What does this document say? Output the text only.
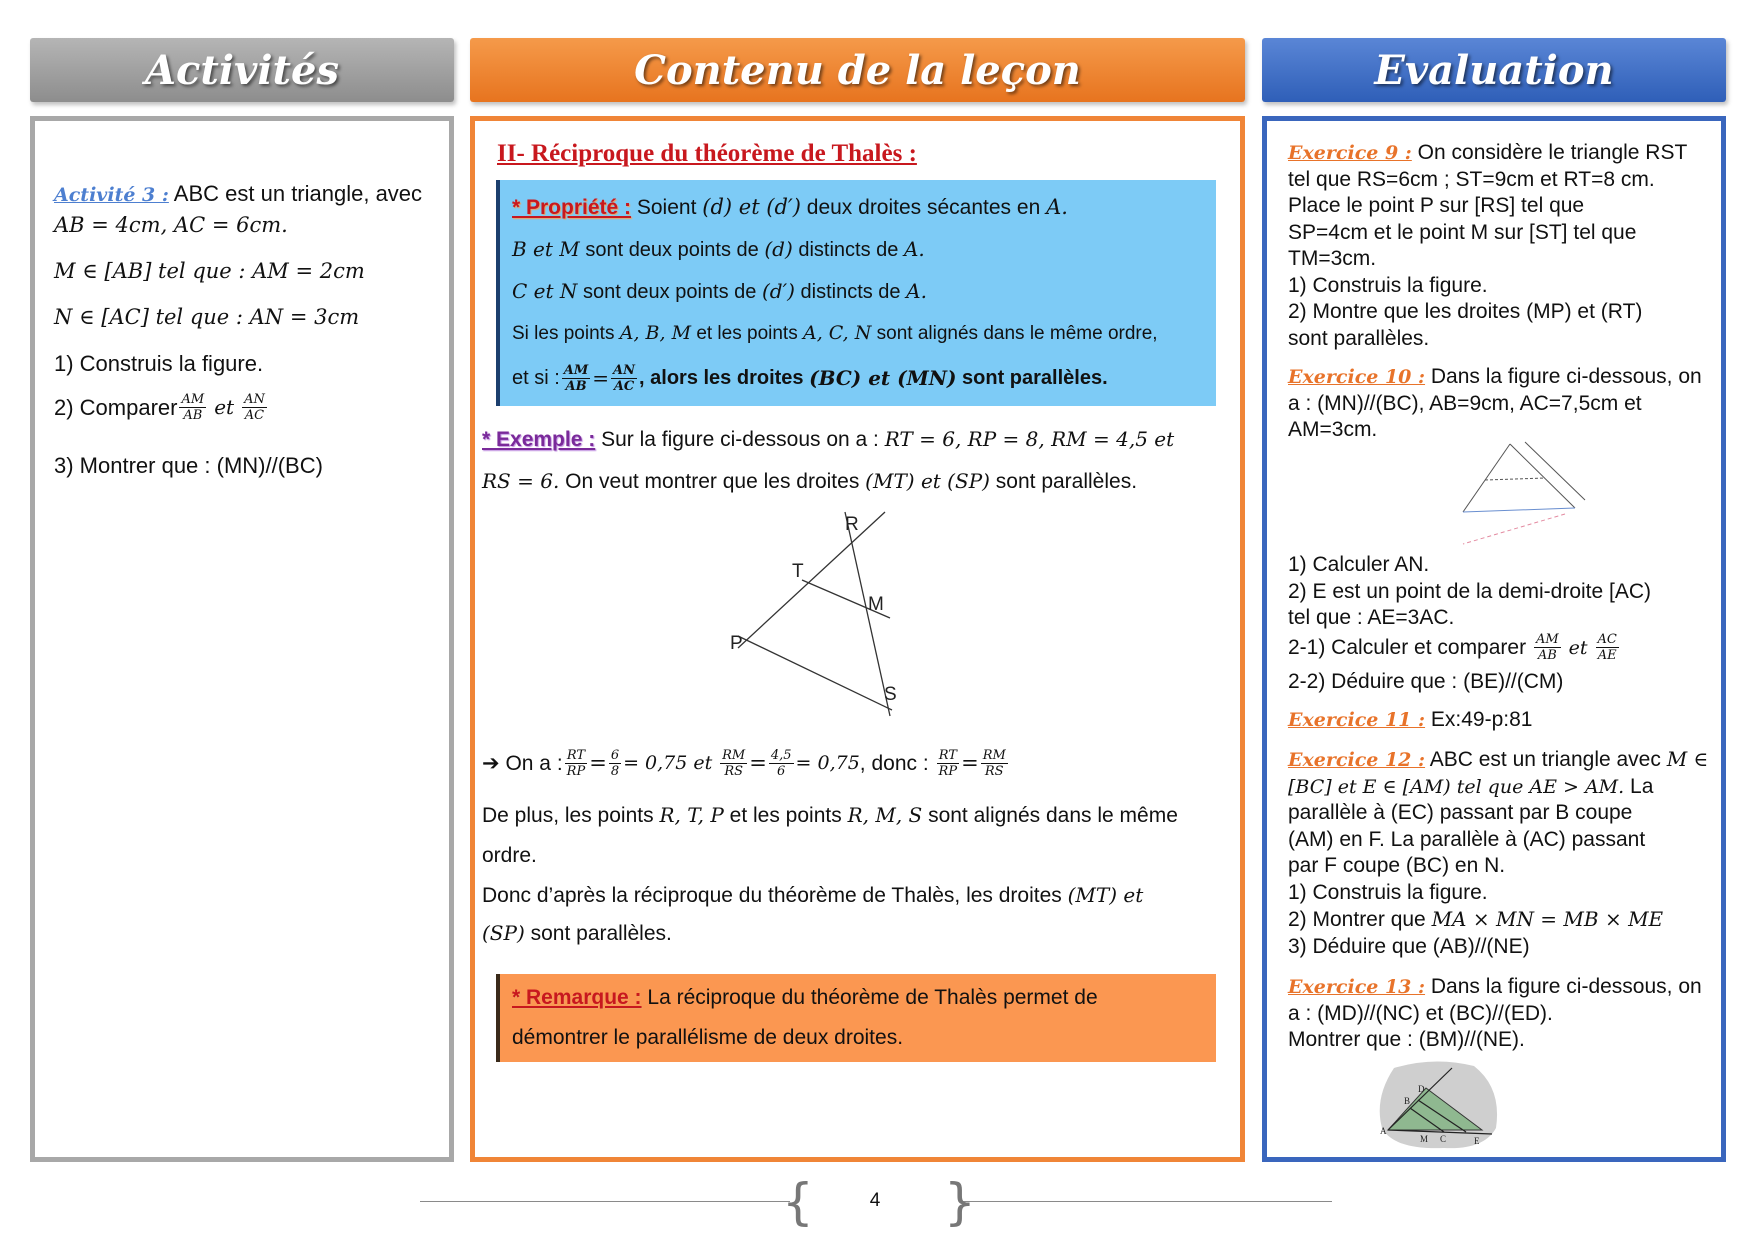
Activités	Contenu de la leçon	Evaluation
Activité 3 : ABC est un triangle, avec
AB = 4cm, AC = 6cm.
M ∈ [AB] tel que : AM = 2cm
N ∈ [AC] tel que : AN = 3cm
1) Construis la figure.
2) Comparer $\frac{AM}{AB}$ et $\frac{AN}{AC}$
3) Montrer que : (MN)//(BC)
II- Réciproque du théorème de Thalès :
* Propriété : Soient (d) et (d′) deux droites sécantes en A.
B et M sont deux points de (d) distincts de A.
C et N sont deux points de (d′) distincts de A.
Si les points A, B, M et les points A, C, N sont alignés dans le même ordre,
et si : $\frac{AM}{AB} = \frac{AN}{AC}$ , alors les droites
(BC) et (MN)
sont parallèles.
* Exemple : Sur la figure ci-dessous on a : RT = 6, RP = 8, RM = 4,5 et
RS = 6. On veut montrer que les droites (MT) et (SP) sont parallèles.
R
T
M
P
S
➔
On a : $\frac{RT}{RP} = \frac{6}{8} = 0,75$ et
$\frac{RM}{RS} = \frac{4,5}{6} = 0,75$ , donc :
$\frac{RT}{RP} = \frac{RM}{RS}$
De plus, les points R, T, P et les points R, M, S sont alignés dans le même
ordre.
Donc d’après la réciproque du théorème de Thalès, les droites (MT) et
(SP) sont parallèles.
* Remarque : La réciproque du théorème de Thalès permet de
démontrer le parallélisme de deux droites.
Exercice 9 : On considère le triangle RST
tel que RS=6cm ; ST=9cm et RT=8 cm.
Place le point P sur [RS] tel que
SP=4cm et le point M sur [ST] tel que
TM=3cm.
1) Construis la figure.
2) Montre que les droites (MP) et (RT)
sont parallèles.
Exercice 10 : Dans la figure ci-dessous, on
a : (MN)//(BC), AB=9cm, AC=7,5cm et
AM=3cm.
1) Calculer AN.
2) E est un point de la demi-droite [AC)
tel que : AE=3AC.
2-1) Calculer et comparer
$\frac{AM}{AB}$ et $\frac{AC}{AE}$
2-2) Déduire que : (BE)//(CM)
Exercice 11 : Ex:49-p:81
Exercice 12 : ABC est un triangle avec M ∈
[BC] et E ∈ [AM) tel que AE > AM. La
parallèle à (EC) passant par B coupe
(AM) en F. La parallèle à (AC) passant
par F coupe (BC) en N.
1) Construis la figure.
2) Montrer que MA × MN = MB × ME
3) Déduire que (AB)//(NE)
Exercice 13 : Dans la figure ci-dessous, on
a : (MD)//(NC) et (BC)//(ED).
Montrer que : (BM)//(NE).
A
B
D
M C	E
{	}
4
